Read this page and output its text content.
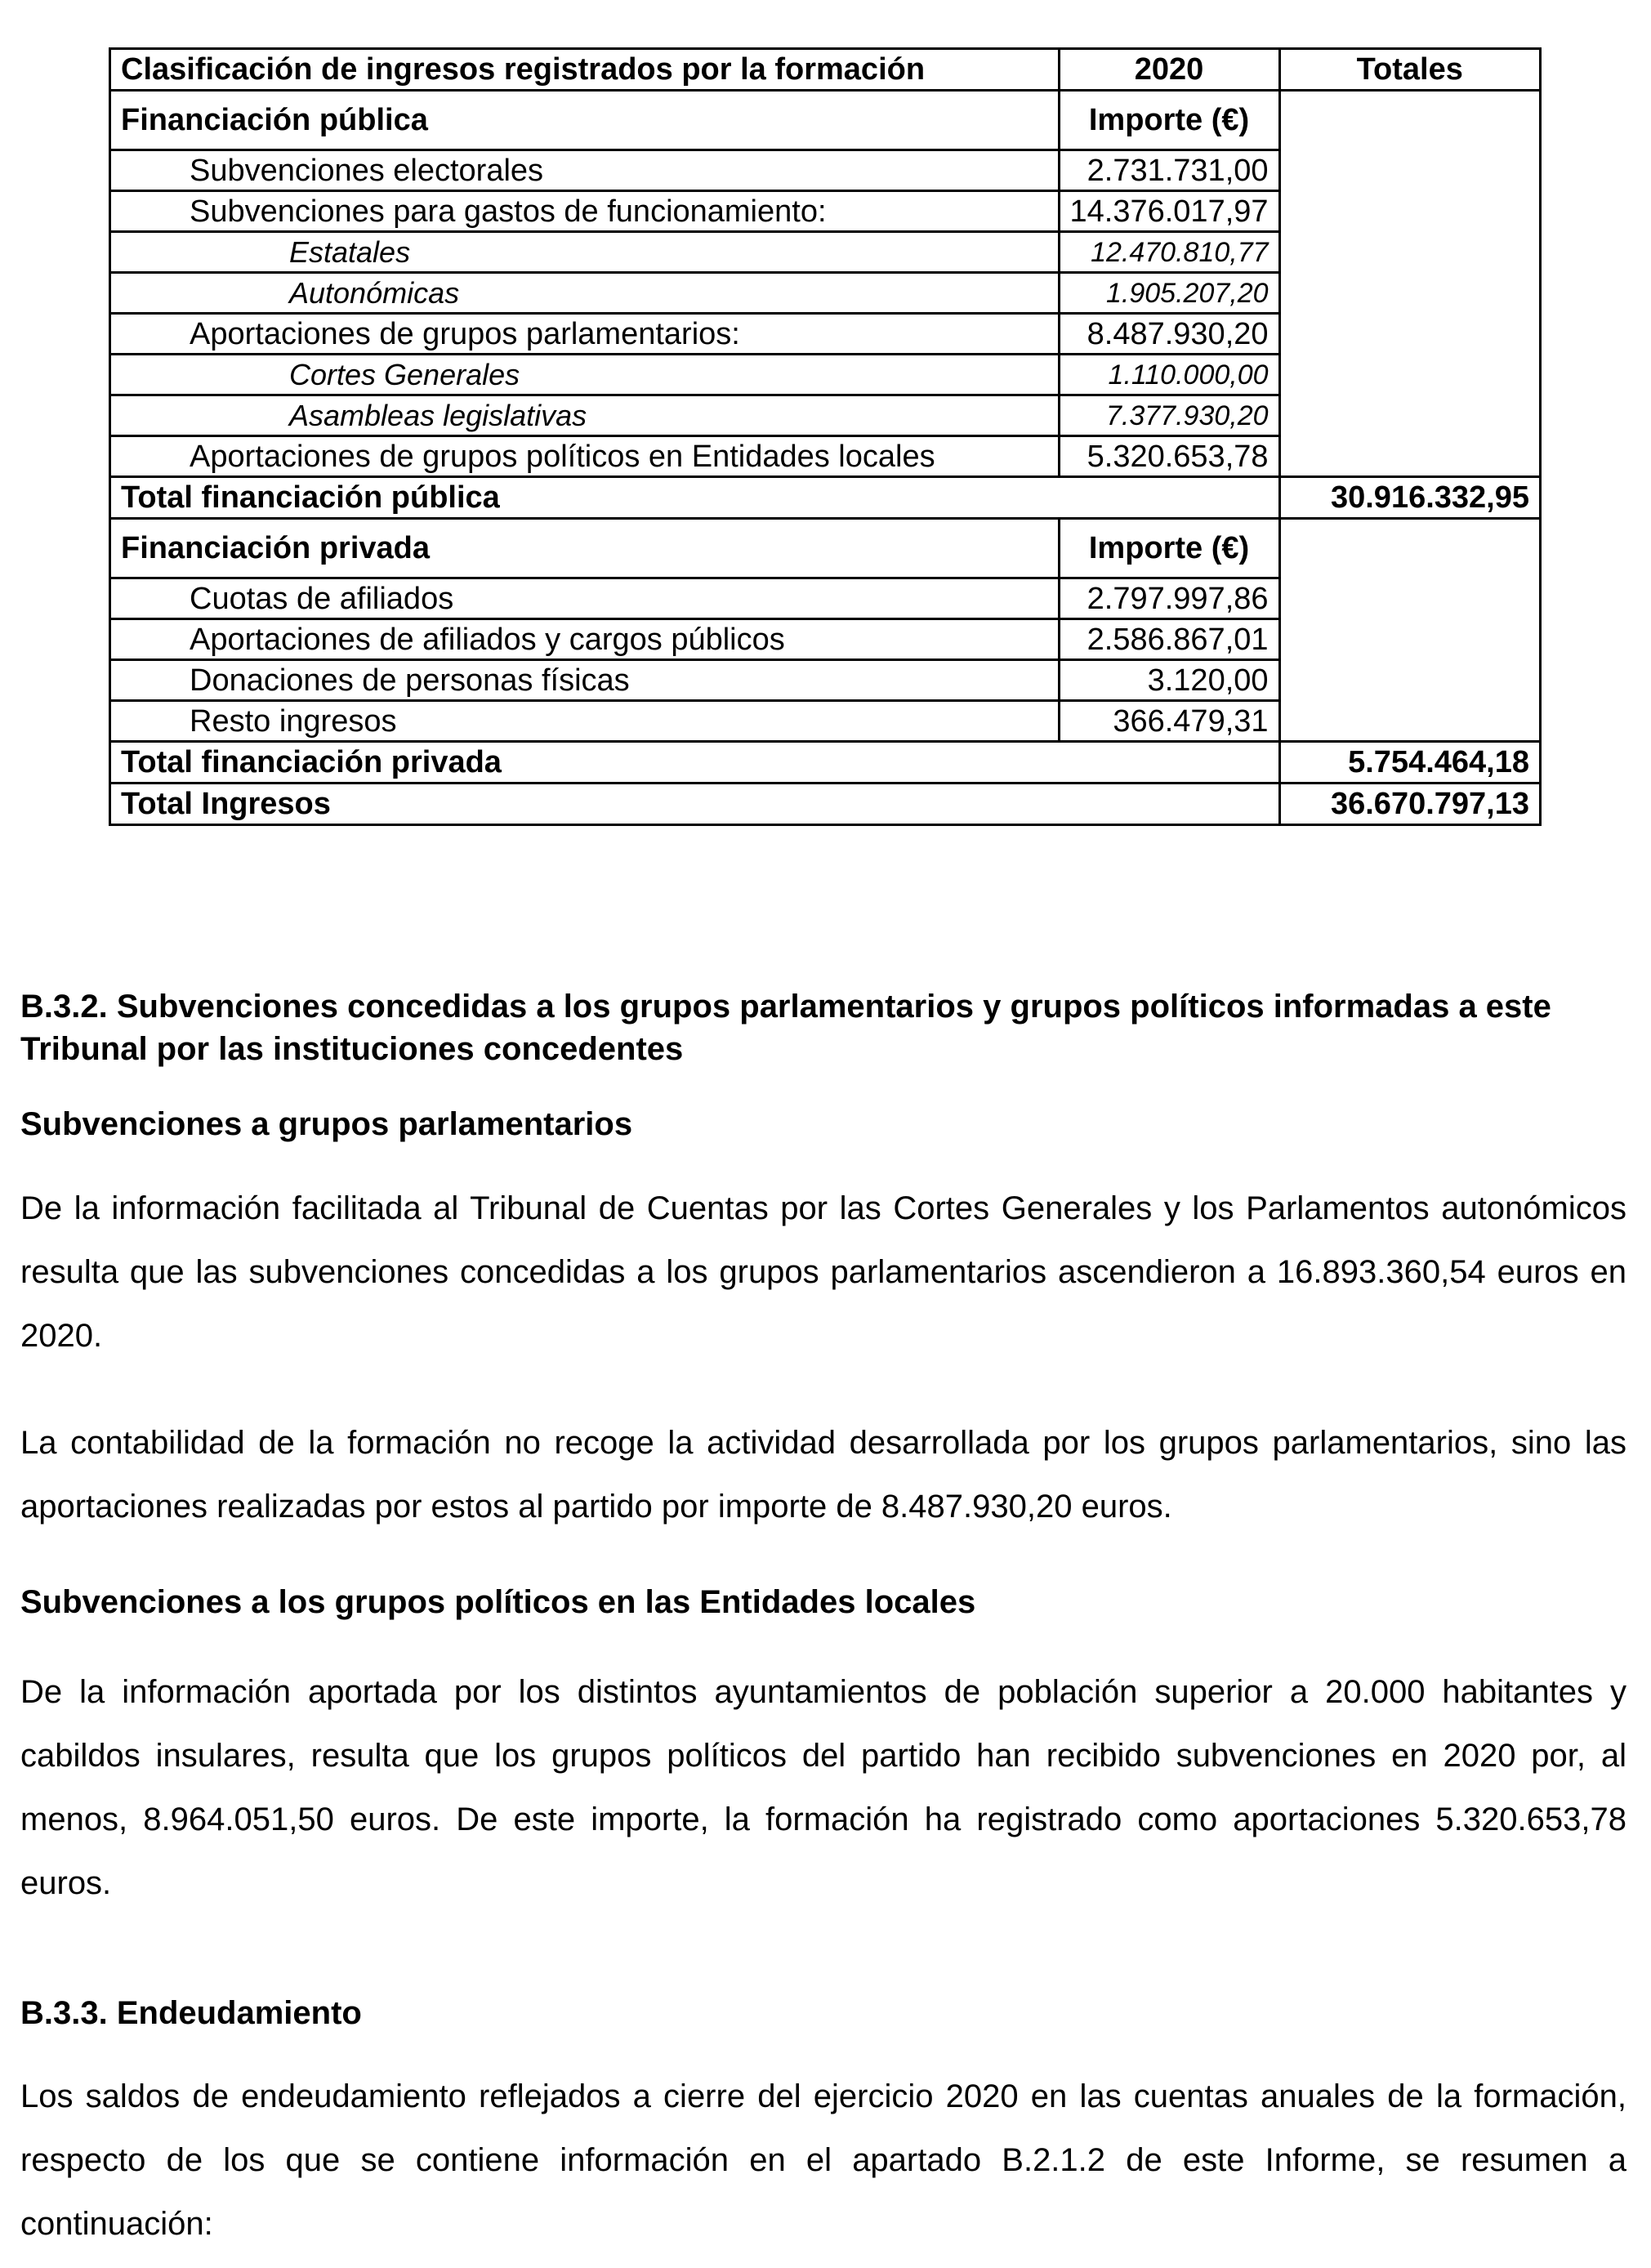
Clasificación de ingresos registrados por la formación	2020	Totales
Financiación pública	Importe (€)	
Subvenciones electorales	2.731.731,00	
Subvenciones para gastos de funcionamiento:	14.376.017,97	
Estatales	12.470.810,77	
Autonómicas	1.905.207,20	
Aportaciones de grupos parlamentarios:	8.487.930,20	
Cortes Generales	1.110.000,00	
Asambleas legislativas	7.377.930,20	
Aportaciones de grupos políticos en Entidades locales	5.320.653,78	
Total financiación pública		30.916.332,95
Financiación privada	Importe (€)	
Cuotas de afiliados	2.797.997,86	
Aportaciones de afiliados y cargos públicos	2.586.867,01	
Donaciones de personas físicas	3.120,00	
Resto ingresos	366.479,31	
Total financiación privada		5.754.464,18
Total Ingresos		36.670.797,13
B.3.2. Subvenciones concedidas a los grupos parlamentarios y grupos políticos informadas a este Tribunal por las instituciones concedentes
Subvenciones a grupos parlamentarios

De la información facilitada al Tribunal de Cuentas por las Cortes Generales y los Parlamentos autonómicos resulta que las subvenciones concedidas a los grupos parlamentarios ascendieron a 16.893.360,54 euros en 2020.

La contabilidad de la formación no recoge la actividad desarrollada por los grupos parlamentarios, sino las aportaciones realizadas por estos al partido por importe de 8.487.930,20 euros.

Subvenciones a los grupos políticos en las Entidades locales

De la información aportada por los distintos ayuntamientos de población superior a 20.000 habitantes y cabildos insulares, resulta que los grupos políticos del partido han recibido subvenciones en 2020 por, al menos, 8.964.051,50 euros. De este importe, la formación ha registrado como aportaciones 5.320.653,78 euros.

B.3.3. Endeudamiento

Los saldos de endeudamiento reflejados a cierre del ejercicio 2020 en las cuentas anuales de la formación, respecto de los que se contiene información en el apartado B.2.1.2 de este Informe, se resumen a continuación:
